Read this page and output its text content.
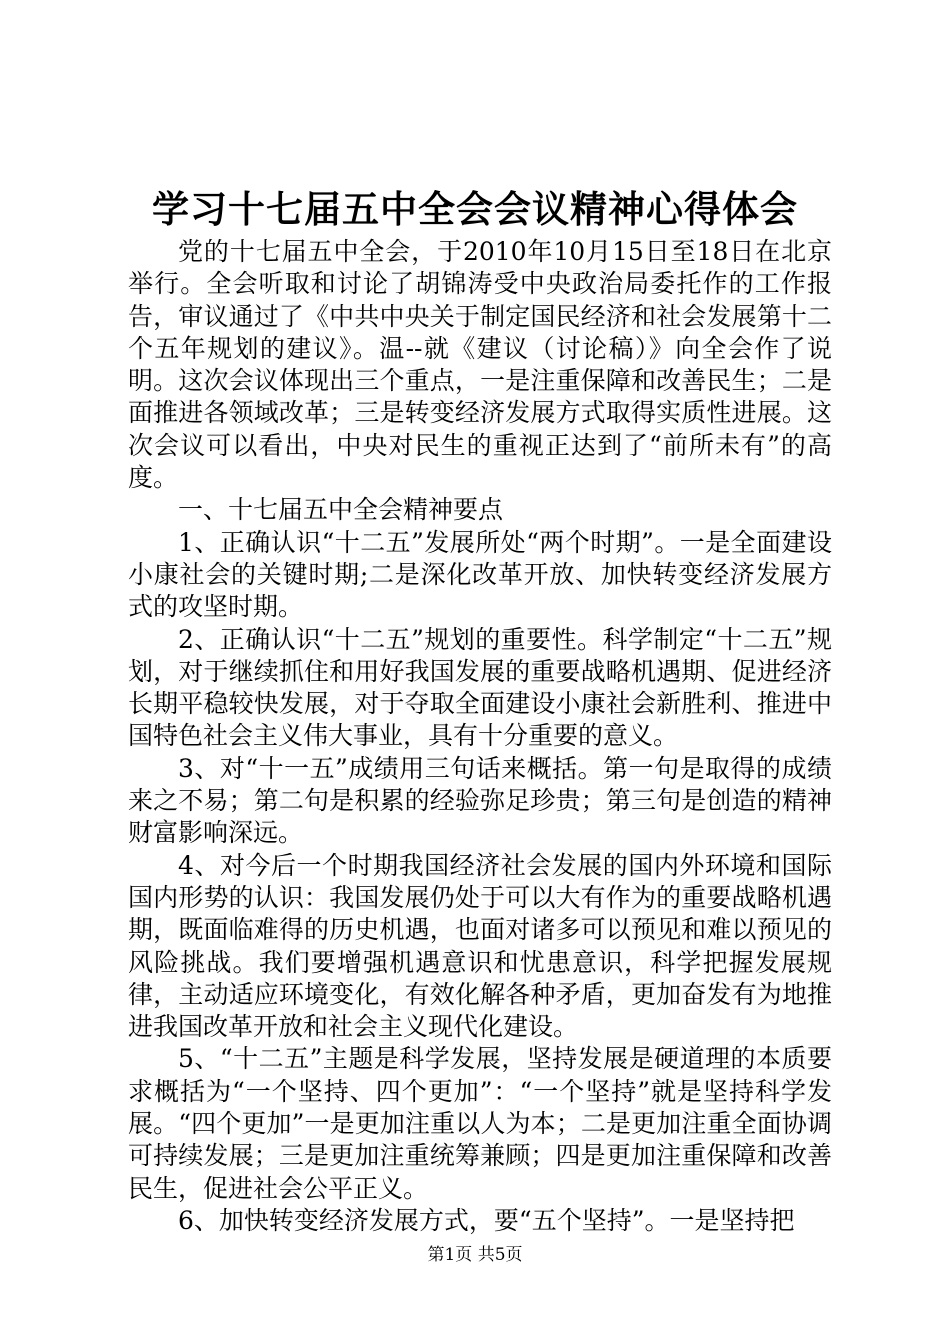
学习十七届五中全会会议精神心得体会

党的十七届五中全会，于2010年10月15日至18日在北京举行。全会听取和讨论了胡锦涛受中央政治局委托作的工作报告，审议通过了《中共中央关于制定国民经济和社会发展第十二个五年规划的建议》。温--就《建议（讨论稿）》向全会作了说明。这次会议体现出三个重点，一是注重保障和改善民生；二是面推进各领域改革；三是转变经济发展方式取得实质性进展。这次会议可以看出，中央对民生的重视正达到了“前所未有”的高度。

一、十七届五中全会精神要点

1、正确认识“十二五”发展所处“两个时期”。一是全面建设小康社会的关键时期;二是深化改革开放、加快转变经济发展方式的攻坚时期。

2、正确认识“十二五”规划的重要性。科学制定“十二五”规划，对于继续抓住和用好我国发展的重要战略机遇期、促进经济长期平稳较快发展，对于夺取全面建设小康社会新胜利、推进中国特色社会主义伟大事业，具有十分重要的意义。

3、对“十一五”成绩用三句话来概括。第一句是取得的成绩来之不易；第二句是积累的经验弥足珍贵；第三句是创造的精神财富影响深远。

4、对今后一个时期我国经济社会发展的国内外环境和国际国内形势的认识：我国发展仍处于可以大有作为的重要战略机遇期，既面临难得的历史机遇，也面对诸多可以预见和难以预见的风险挑战。我们要增强机遇意识和忧患意识，科学把握发展规律，主动适应环境变化，有效化解各种矛盾，更加奋发有为地推进我国改革开放和社会主义现代化建设。

5、“十二五”主题是科学发展，坚持发展是硬道理的本质要求概括为“一个坚持、四个更加”：“一个坚持”就是坚持科学发展。“四个更加”一是更加注重以人为本；二是更加注重全面协调可持续发展；三是更加注重统筹兼顾；四是更加注重保障和改善民生，促进社会公平正义。

6、加快转变经济发展方式，要“五个坚持”。一是坚持把

第1页 共5页
